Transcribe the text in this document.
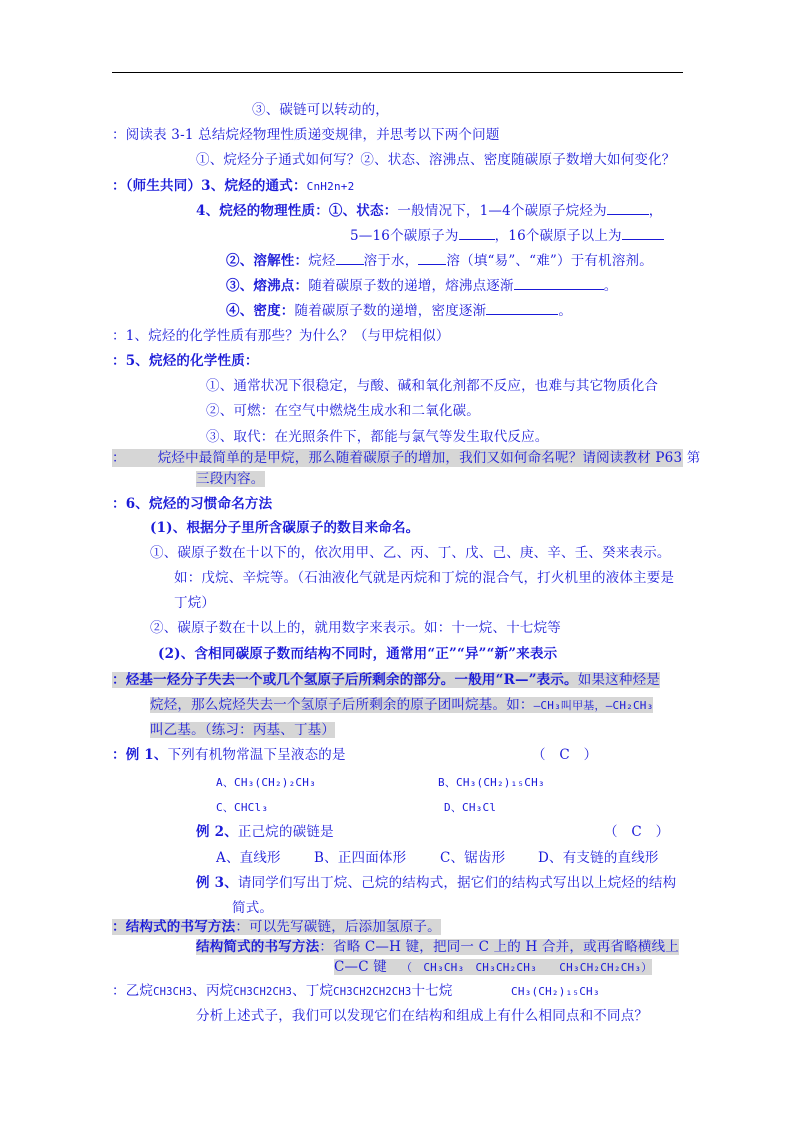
③、碳链可以转动的，
：阅读表 3-1 总结烷烃物理性质递变规律，并思考以下两个问题
①、烷烃分子通式如何写？②、状态、溶沸点、密度随碳原子数增大如何变化？
：（师生共同）3、烷烃的通式：CnH2n+2
4、烷烃的物理性质：①、状态：一般情况下，1—4个碳原子烷烃为	，
5—16个碳原子为	，16个碳原子以上为
②、溶解性：烷烃 溶于水， 溶（填“易”、“难”）于有机溶剂。
③、熔沸点：随着碳原子数的递增，熔沸点逐渐	。
④、密度：随着碳原子数的递增，密度逐渐	。
：1、烷烃的化学性质有那些？为什么？（与甲烷相似）
：5、烷烃的化学性质：
①、通常状况下很稳定，与酸、碱和氧化剂都不反应，也难与其它物质化合
②、可燃：在空气中燃烧生成水和二氧化碳。
③、取代：在光照条件下，都能与氯气等发生取代反应。
： 烷烃中最简单的是甲烷，那么随着碳原子的增加，我们又如何命名呢？请阅读教材 P63 第
三段内容。
：6、烷烃的习惯命名方法
(1)、根据分子里所含碳原子的数目来命名。
①、碳原子数在十以下的，依次用甲、乙、丙、丁、戊、己、庚、辛、壬、癸来表示。
如：戊烷、辛烷等。（石油液化气就是丙烷和丁烷的混合气，打火机里的液体主要是
丁烷）
②、碳原子数在十以上的，就用数字来表示。如：十一烷、十七烷等
(2)、含相同碳原子数而结构不同时，通常用“正”“异”“新”来表示
：烃基一烃分子失去一个或几个氢原子后所剩余的部分。一般用“R—”表示。如果这种烃是
烷烃，那么烷烃失去一个氢原子后所剩余的原子团叫烷基。如：—CH₃叫甲基，—CH₂CH₃
叫乙基。（练习：丙基、丁基）
：例 1、下列有机物常温下呈液态的是	（　C　）
A、CH₃(CH₂)₂CH₃	B、CH₃(CH₂)₁₅CH₃
C、CHCl₃	D、CH₃Cl
例 2、正己烷的碳链是	（　C　）
A、直线形 B、正四面体形 C、锯齿形 D、有支链的直线形
例 3、请同学们写出丁烷、己烷的结构式，据它们的结构式写出以上烷烃的结构
简式。
：结构式的书写方法：可以先写碳链，后添加氢原子。
结构简式的书写方法：省略 C—H 键，把同一 C 上的 H 合并，或再省略横线上
C—C 键 （　CH₃CH₃　CH₃CH₂CH₃　　CH₃CH₂CH₂CH₃）
：乙烷CH3CH3、丙烷CH3CH2CH3、丁烷CH3CH2CH2CH3十七烷	CH₃(CH₂)₁₅CH₃
分析上述式子，我们可以发现它们在结构和组成上有什么相同点和不同点？
